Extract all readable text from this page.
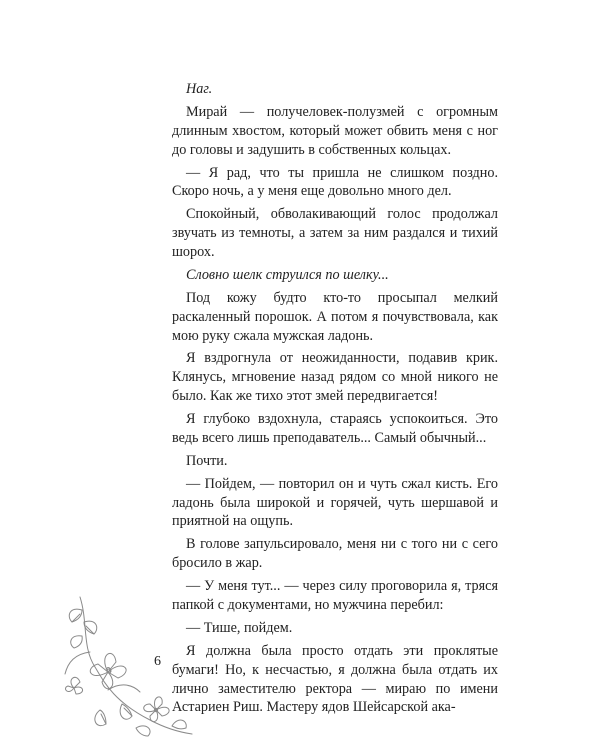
Наг.

Мирай — получеловек-полузмей с огромным длинным хвостом, который может обвить меня с ног до головы и задушить в собственных кольцах.

— Я рад, что ты пришла не слишком поздно. Скоро ночь, а у меня еще довольно много дел.

Спокойный, обволакивающий голос продолжал звучать из темноты, а затем за ним раздался и тихий шорох.

Словно шелк струился по шелку...

Под кожу будто кто-то просыпал мелкий раскаленный порошок. А потом я почувствовала, как мою руку сжала мужская ладонь.

Я вздрогнула от неожиданности, подавив крик. Клянусь, мгновение назад рядом со мной никого не было. Как же тихо этот змей передвигается!

Я глубоко вздохнула, стараясь успокоиться. Это ведь всего лишь преподаватель... Самый обычный...

Почти.

— Пойдем, — повторил он и чуть сжал кисть. Его ладонь была широкой и горячей, чуть шершавой и приятной на ощупь.

В голове запульсировало, меня ни с того ни с сего бросило в жар.

— У меня тут... — через силу проговорила я, тряся папкой с документами, но мужчина перебил:

— Тише, пойдем.

Я должна была просто отдать эти проклятые бумаги! Но, к несчастью, я должна была отдать их лично заместителю ректора — мираю по имени Астариен Риш. Мастеру ядов Шейсарской ака-

6
